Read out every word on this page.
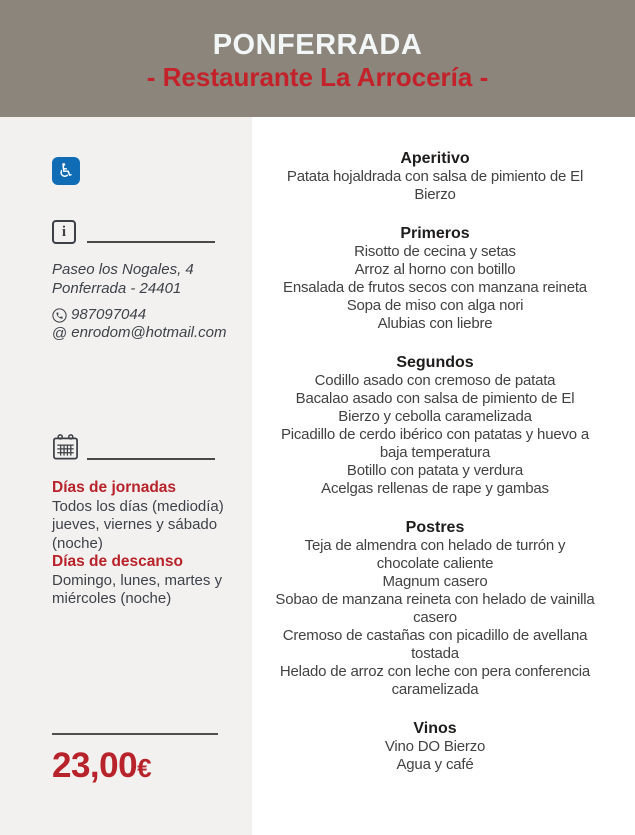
PONFERRADA
- Restaurante La Arrocería -
♿
i
Paseo los Nogales, 4
Ponferrada - 24401
987097044
@ enrodom@hotmail.com
Días de jornadas
Todos los días (mediodía) jueves, viernes y sábado (noche)
Días de descanso
Domingo, lunes, martes y miércoles (noche)
23,00€
Aperitivo
Patata hojaldrada con salsa de pimiento de El Bierzo
Primeros
Risotto de cecina y setas
Arroz al horno con botillo
Ensalada de frutos secos con manzana reineta
Sopa de miso con alga nori
Alubias con liebre
Segundos
Codillo asado con cremoso de patata
Bacalao asado con salsa de pimiento de El Bierzo y cebolla caramelizada
Picadillo de cerdo ibérico con patatas y huevo a baja temperatura
Botillo con patata y verdura
Acelgas rellenas de rape y gambas
Postres
Teja de almendra con helado de turrón y chocolate caliente
Magnum casero
Sobao de manzana reineta con helado de vainilla casero
Cremoso de castañas con picadillo de avellana tostada
Helado de arroz con leche con pera conferencia caramelizada
Vinos
Vino DO Bierzo
Agua y café
